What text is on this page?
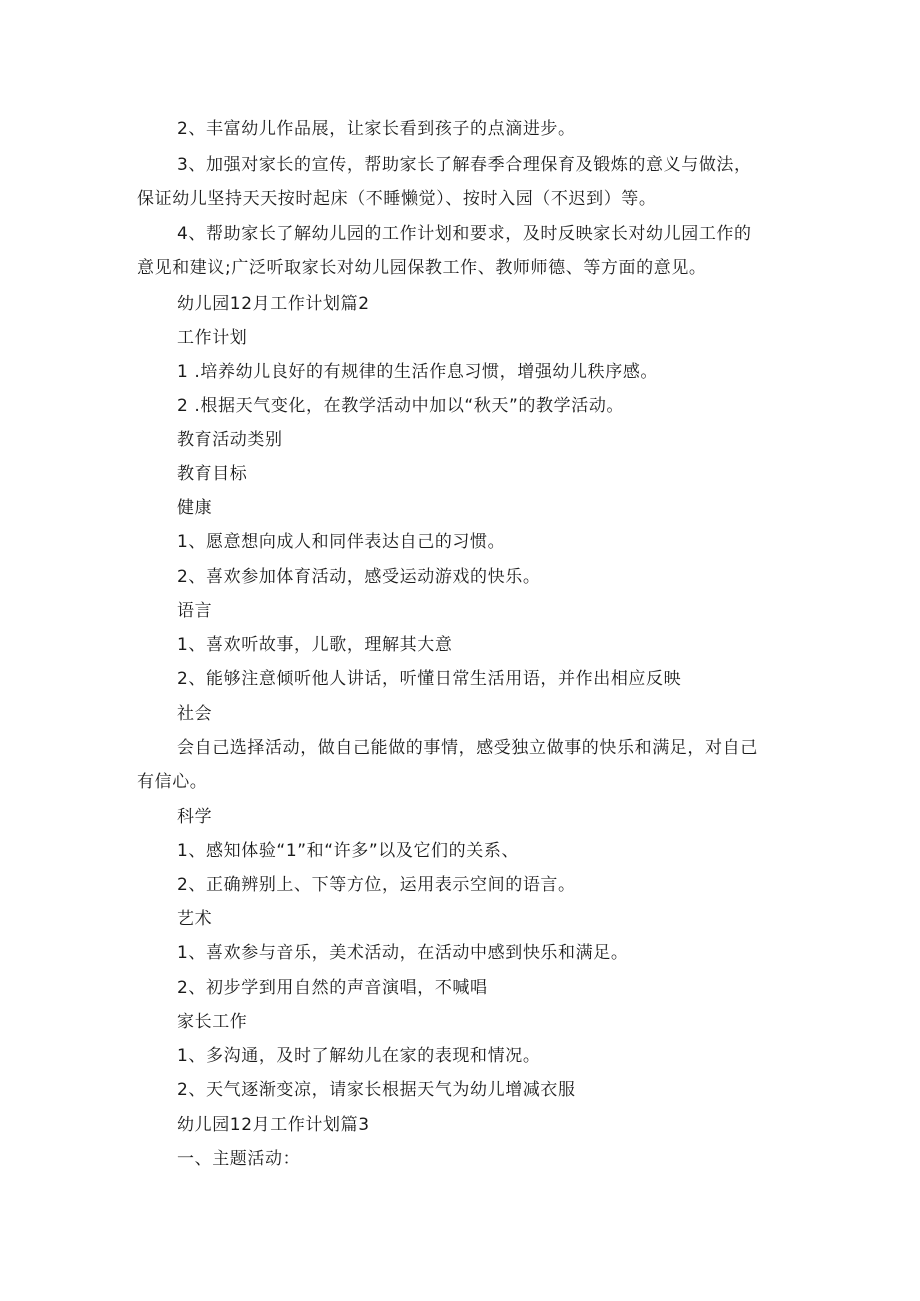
2、丰富幼儿作品展，让家长看到孩子的点滴进步。
3、加强对家长的宣传，帮助家长了解春季合理保育及锻炼的意义与做法，
保证幼儿坚持天天按时起床（不睡懒觉）、按时入园（不迟到）等。
4、帮助家长了解幼儿园的工作计划和要求，及时反映家长对幼儿园工作的
意见和建议;广泛听取家长对幼儿园保教工作、教师师德、等方面的意见。
幼儿园12月工作计划篇2
工作计划
1 .培养幼儿良好的有规律的生活作息习惯，增强幼儿秩序感。
2 .根据天气变化，在教学活动中加以“秋天”的教学活动。
教育活动类别
教育目标
健康
1、愿意想向成人和同伴表达自己的习惯。
2、喜欢参加体育活动，感受运动游戏的快乐。
语言
1、喜欢听故事，儿歌，理解其大意
2、能够注意倾听他人讲话，听懂日常生活用语，并作出相应反映
社会
会自己选择活动，做自己能做的事情，感受独立做事的快乐和满足，对自己
有信心。
科学
1、感知体验“1”和“许多”以及它们的关系、
2、正确辨别上、下等方位，运用表示空间的语言。
艺术
1、喜欢参与音乐，美术活动，在活动中感到快乐和满足。
2、初步学到用自然的声音演唱，不喊唱
家长工作
1、多沟通，及时了解幼儿在家的表现和情况。
2、天气逐渐变凉，请家长根据天气为幼儿增减衣服
幼儿园12月工作计划篇3
一、主题活动：
